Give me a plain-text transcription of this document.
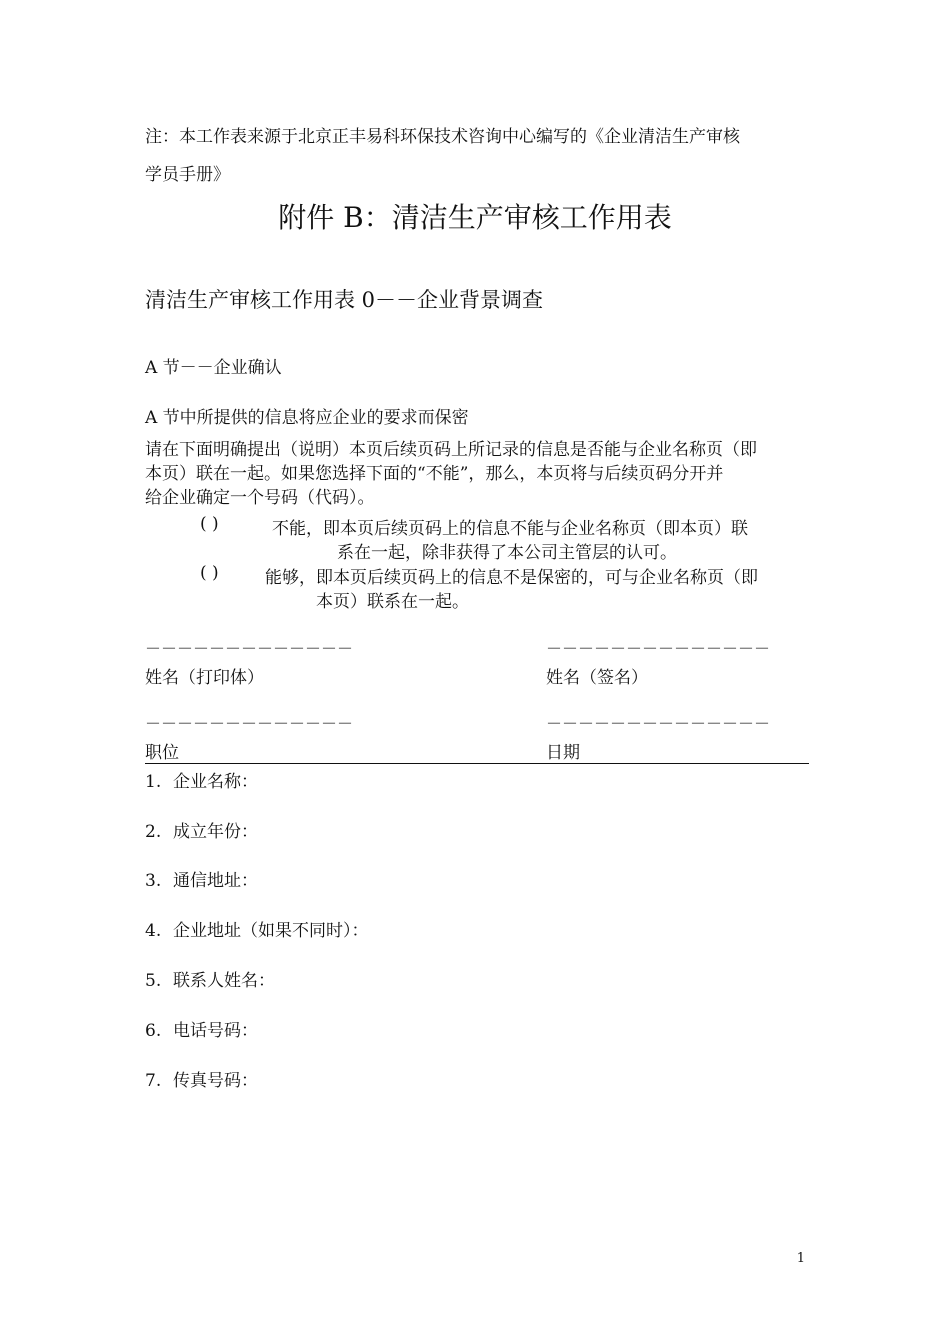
注：本工作表来源于北京正丰易科环保技术咨询中心编写的《企业清洁生产审核
学员手册》
附件 B：清洁生产审核工作用表
清洁生产审核工作用表 0－－企业背景调查
A 节－－企业确认
A 节中所提供的信息将应企业的要求而保密
请在下面明确提出（说明）本页后续页码上所记录的信息是否能与企业名称页（即
本页）联在一起。如果您选择下面的“不能”，那么，本页将与后续页码分开并
给企业确定一个号码（代码）。
( )	不能，即本页后续页码上的信息不能与企业名称页（即本页）联
系在一起，除非获得了本公司主管层的认可。
( )	能够，即本页后续页码上的信息不是保密的，可与企业名称页（即
本页）联系在一起。
－－－－－－－－－－－－－	－－－－－－－－－－－－－－
姓名（打印体）	姓名（签名）
－－－－－－－－－－－－－	－－－－－－－－－－－－－－
职位	日期
1. 企业名称：
2. 成立年份：
3. 通信地址：
4. 企业地址（如果不同时）：
5. 联系人姓名：
6. 电话号码：
7. 传真号码：
1
